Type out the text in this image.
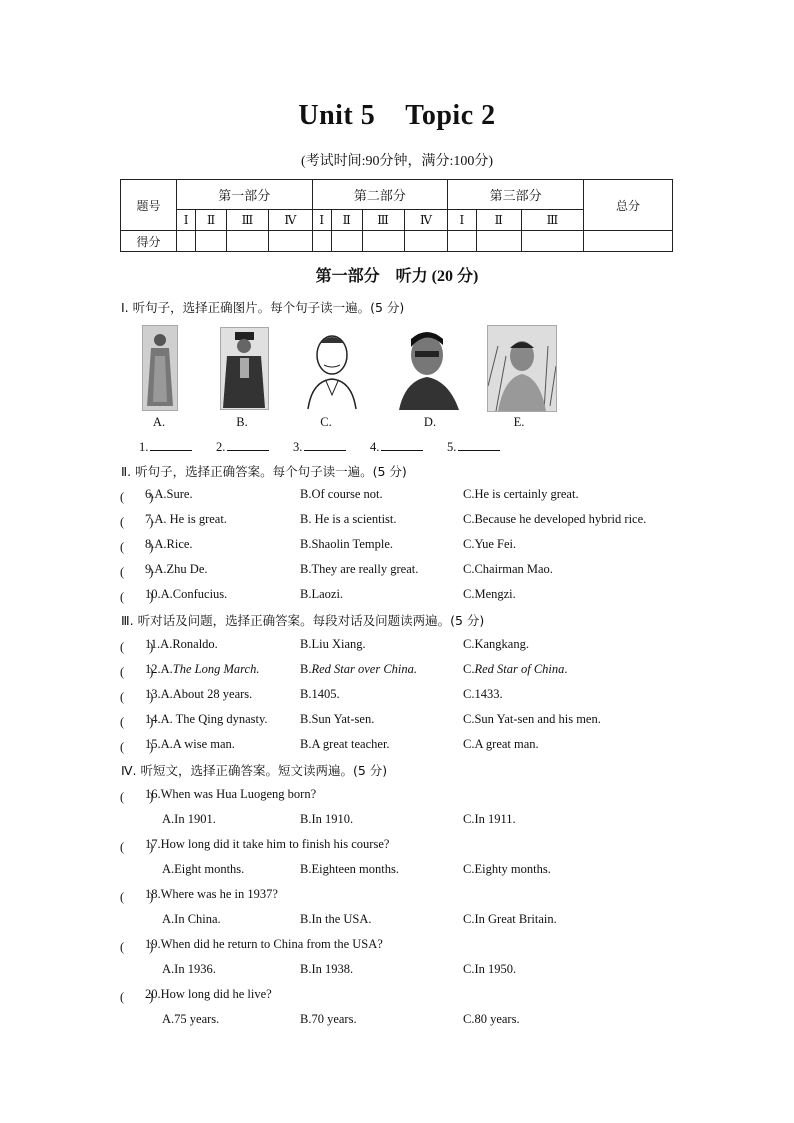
Unit 5 Topic 2
(考试时间:90分钟，满分:100分)
题号	第一部分				第二部分				第三部分			总分
	Ⅰ	Ⅱ	Ⅲ	Ⅳ	Ⅰ	Ⅱ	Ⅲ	Ⅳ	Ⅰ	Ⅱ	Ⅲ	
得分												
第一部分　听力 (20 分)
Ⅰ. 听句子，选择正确图片。每个句子读一遍。(5 分)
A.	B.	C.	D.	E.
1.	2.	3.	4.	5.
Ⅱ. 听句子，选择正确答案。每个句子读一遍。(5 分)
(　　)
6.A.Sure.	B.Of course not.	C.He is certainly great.
(　　)
7.A. He is great.	B. He is a scientist.	C.Because he developed hybrid rice.
(　　)
8.A.Rice.	B.Shaolin Temple.	C.Yue Fei.
(　　)
9.A.Zhu De.	B.They are really great.	C.Chairman Mao.
(　　)
10.A.Confucius.	B.Laozi.	C.Mengzi.
Ⅲ. 听对话及问题，选择正确答案。每段对话及问题读两遍。(5 分)
(　　)
11.A.Ronaldo.	B.Liu Xiang.	C.Kangkang.
(　　)
12.A.The Long March.	B.Red Star over China.	C.Red Star of China.
(　　)
13.A.About 28 years.	B.1405.	C.1433.
(　　)
14.A. The Qing dynasty.	B.Sun Yat-sen.	C.Sun Yat-sen and his men.
(　　)
15.A.A wise man.	B.A great teacher.	C.A great man.
Ⅳ. 听短文，选择正确答案。短文读两遍。(5 分)
(　　)
16.When was Hua Luogeng born?
A.In 1901.	B.In 1910.	C.In 1911.
(　　)
17.How long did it take him to finish his course?
A.Eight months.	B.Eighteen months.	C.Eighty months.
(　　)
18.Where was he in 1937?
A.In China.	B.In the USA.	C.In Great Britain.
(　　)
19.When did he return to China from the USA?
A.In 1936.	B.In 1938.	C.In 1950.
(　　)
20.How long did he live?
A.75 years.	B.70 years.	C.80 years.
